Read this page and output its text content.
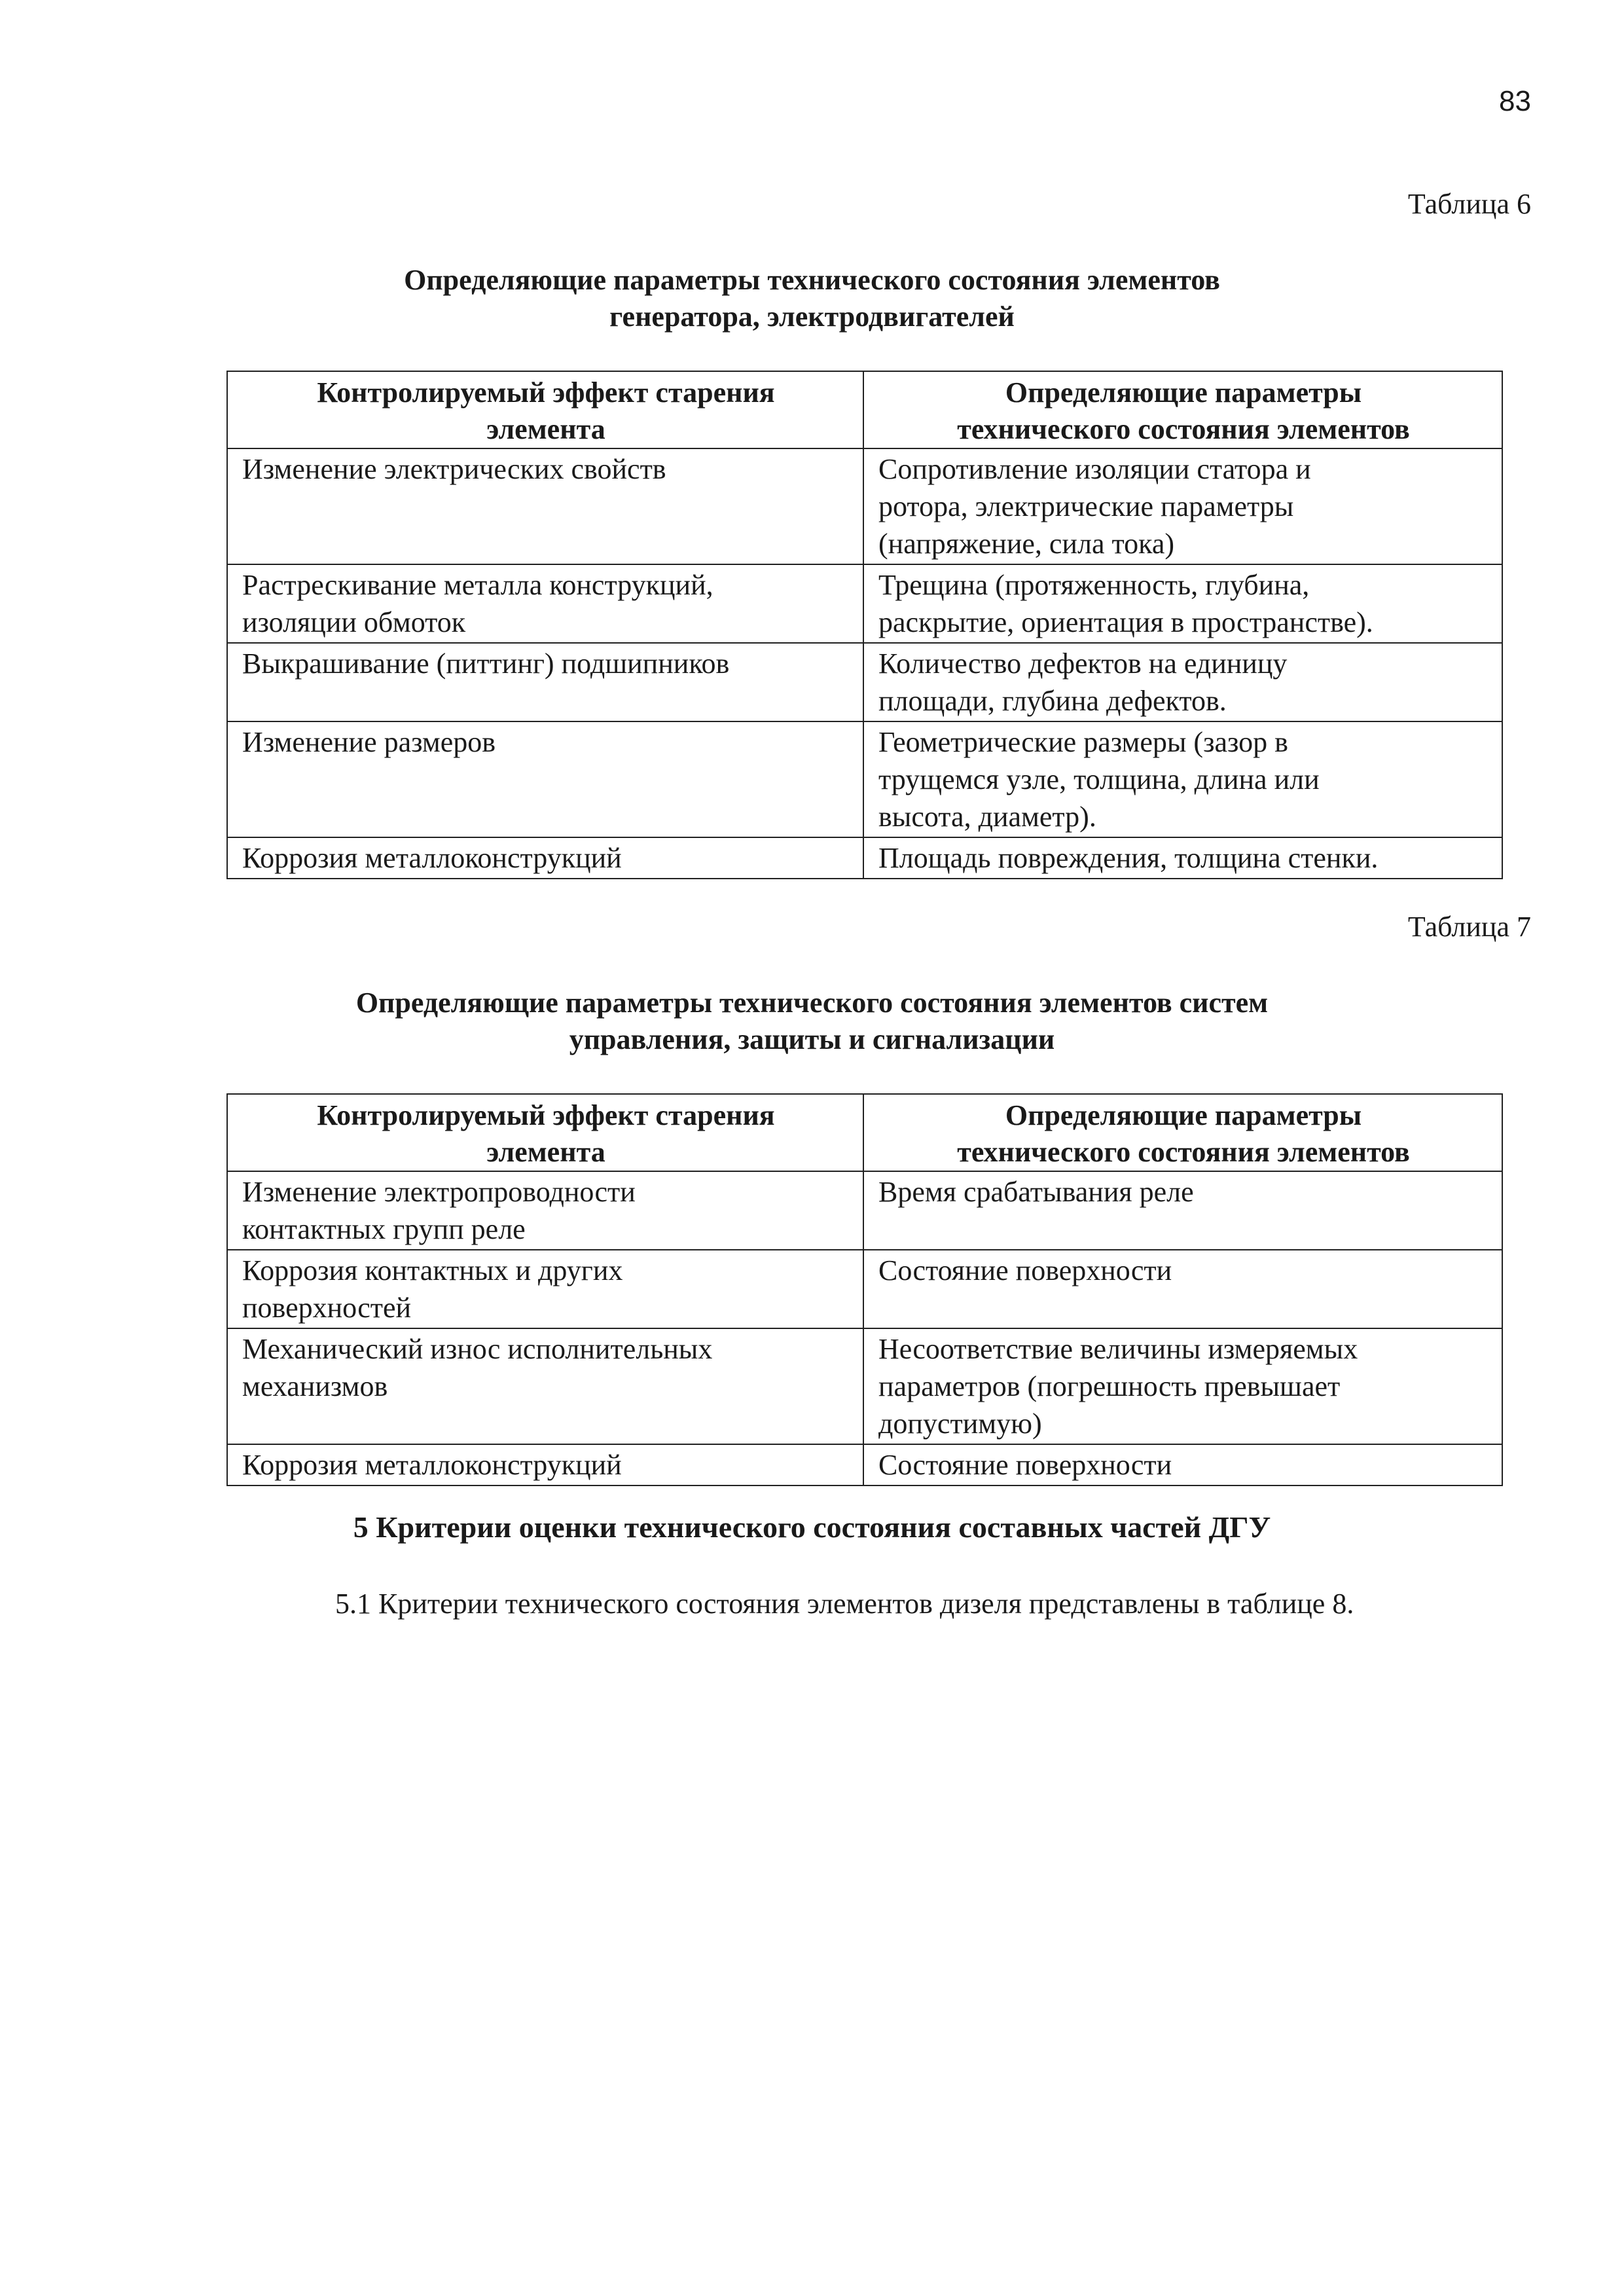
83
Таблица 6
Определяющие параметры технического состояния элементов
генератора, электродвигателей
Контролируемый эффект старения
элемента	Определяющие параметры
технического состояния элементов

Изменение электрических свойств	Сопротивление изоляции статора и
ротора, электрические параметры
(напряжение, сила тока)

Растрескивание металла конструкций,
изоляции обмоток	Трещина (протяженность, глубина,
раскрытие, ориентация в пространстве).

Выкрашивание (питтинг) подшипников	Количество дефектов на единицу
площади, глубина дефектов.

Изменение размеров	Геометрические размеры (зазор в
трущемся узле, толщина, длина или
высота, диаметр).

Коррозия металлоконструкций	Площадь повреждения, толщина стенки.
Таблица 7
Определяющие параметры технического состояния элементов систем
управления, защиты и сигнализации
Контролируемый эффект старения
элемента	Определяющие параметры
технического состояния элементов

Изменение электропроводности
контактных групп реле	Время срабатывания реле

Коррозия контактных и других
поверхностей	Состояние поверхности

Механический износ исполнительных
механизмов	Несоответствие величины измеряемых
параметров (погрешность превышает
допустимую)

Коррозия металлоконструкций	Состояние поверхности
5 Критерии оценки технического состояния составных частей ДГУ
5.1 Критерии технического состояния элементов дизеля представлены в таблице 8.
